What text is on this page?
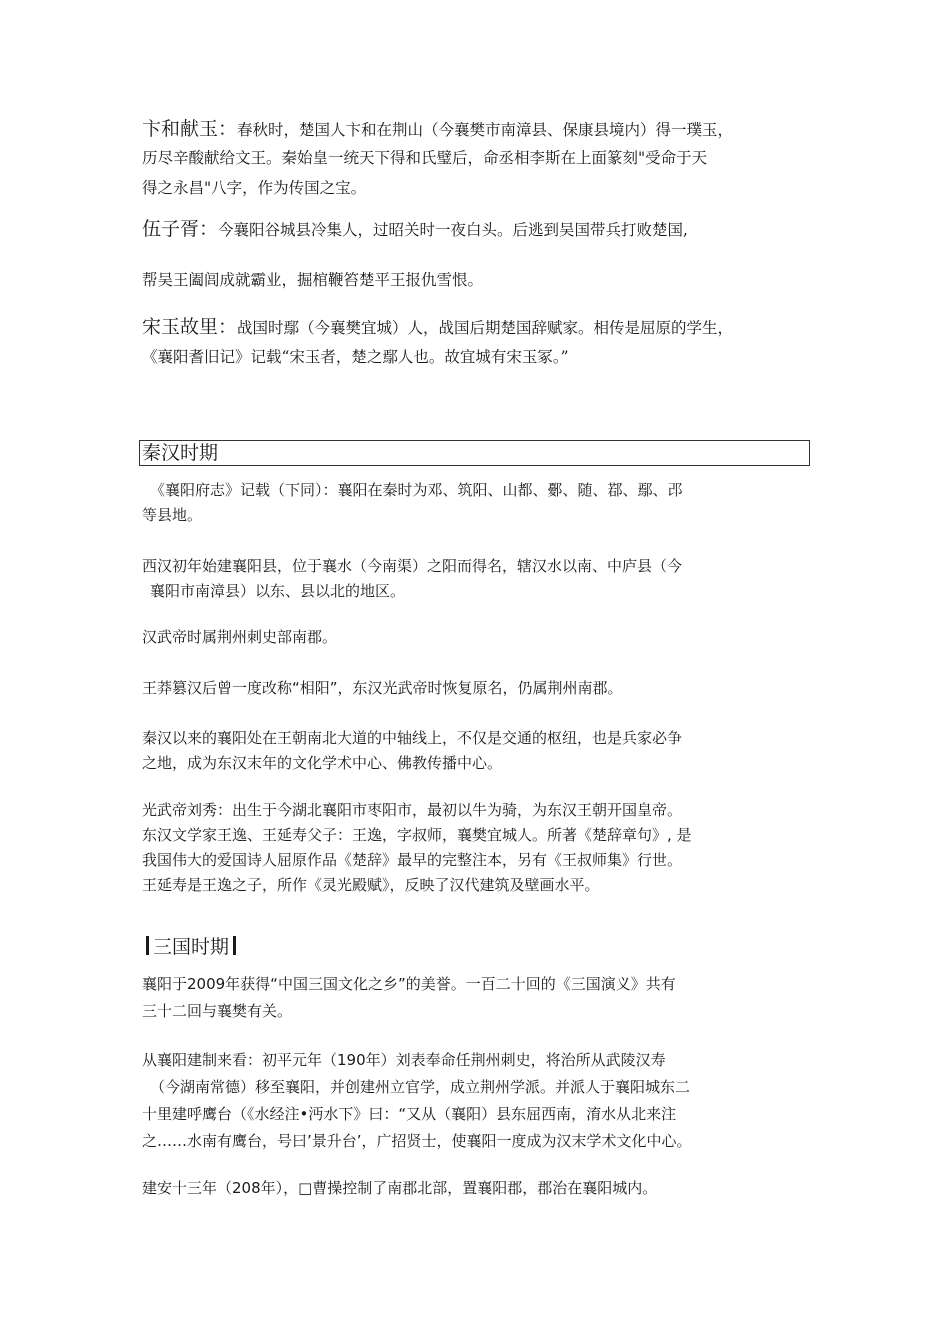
卞和献玉：春秋时，楚国人卞和在荆山（今襄樊市南漳县、保康县境内）得一璞玉，
历尽辛酸献给文王。秦始皇一统天下得和氏璧后，命丞相李斯在上面篆刻"受命于天
得之永昌"八字，作为传国之宝。
伍子胥：今襄阳谷城县冷集人，过昭关时一夜白头。后逃到吴国带兵打败楚国,
帮吴王阖闾成就霸业，掘棺鞭笞楚平王报仇雪恨。
宋玉故里：战国时鄢（今襄樊宜城）人，战国后期楚国辞赋家。相传是屈原的学生，
《襄阳耆旧记》记载“宋玉者，楚之鄢人也。故宜城有宋玉冢。”
秦汉时期
《襄阳府志》记载（下同）：襄阳在秦时为邓、筑阳、山都、鄾、随、鄀、鄢、邔
等县地。
西汉初年始建襄阳县，位于襄水（今南渠）之阳而得名，辖汉水以南、中庐县（今
襄阳市南漳县）以东、县以北的地区。
汉武帝时属荆州刺史部南郡。
王莽篡汉后曾一度改称“相阳”，东汉光武帝时恢复原名，仍属荆州南郡。
秦汉以来的襄阳处在王朝南北大道的中轴线上，不仅是交通的枢纽，也是兵家必争
之地，成为东汉末年的文化学术中心、佛教传播中心。
光武帝刘秀：出生于今湖北襄阳市枣阳市，最初以牛为骑，为东汉王朝开国皇帝。
东汉文学家王逸、王延寿父子：王逸，字叔师，襄樊宜城人。所著《楚辞章句》, 是
我国伟大的爱国诗人屈原作品《楚辞》最早的完整注本，另有《王叔师集》行世。
王延寿是王逸之子，所作《灵光殿赋》，反映了汉代建筑及壁画水平。
三国时期
襄阳于2009年获得“中国三国文化之乡”的美誉。一百二十回的《三国演义》共有
三十二回与襄樊有关。
从襄阳建制来看：初平元年（190年）刘表奉命任荆州刺史，将治所从武陵汉寿
（今湖南常德）移至襄阳，并创建州立官学，成立荆州学派。并派人于襄阳城东二
十里建呼鹰台（《水经注•沔水下》曰：“又从（襄阳）县东屈西南，淯水从北来注
之……水南有鹰台，号曰’景升台’，广招贤士，使襄阳一度成为汉末学术文化中心。
建安十三年（208年），□曹操控制了南郡北部，置襄阳郡，郡治在襄阳城内。
